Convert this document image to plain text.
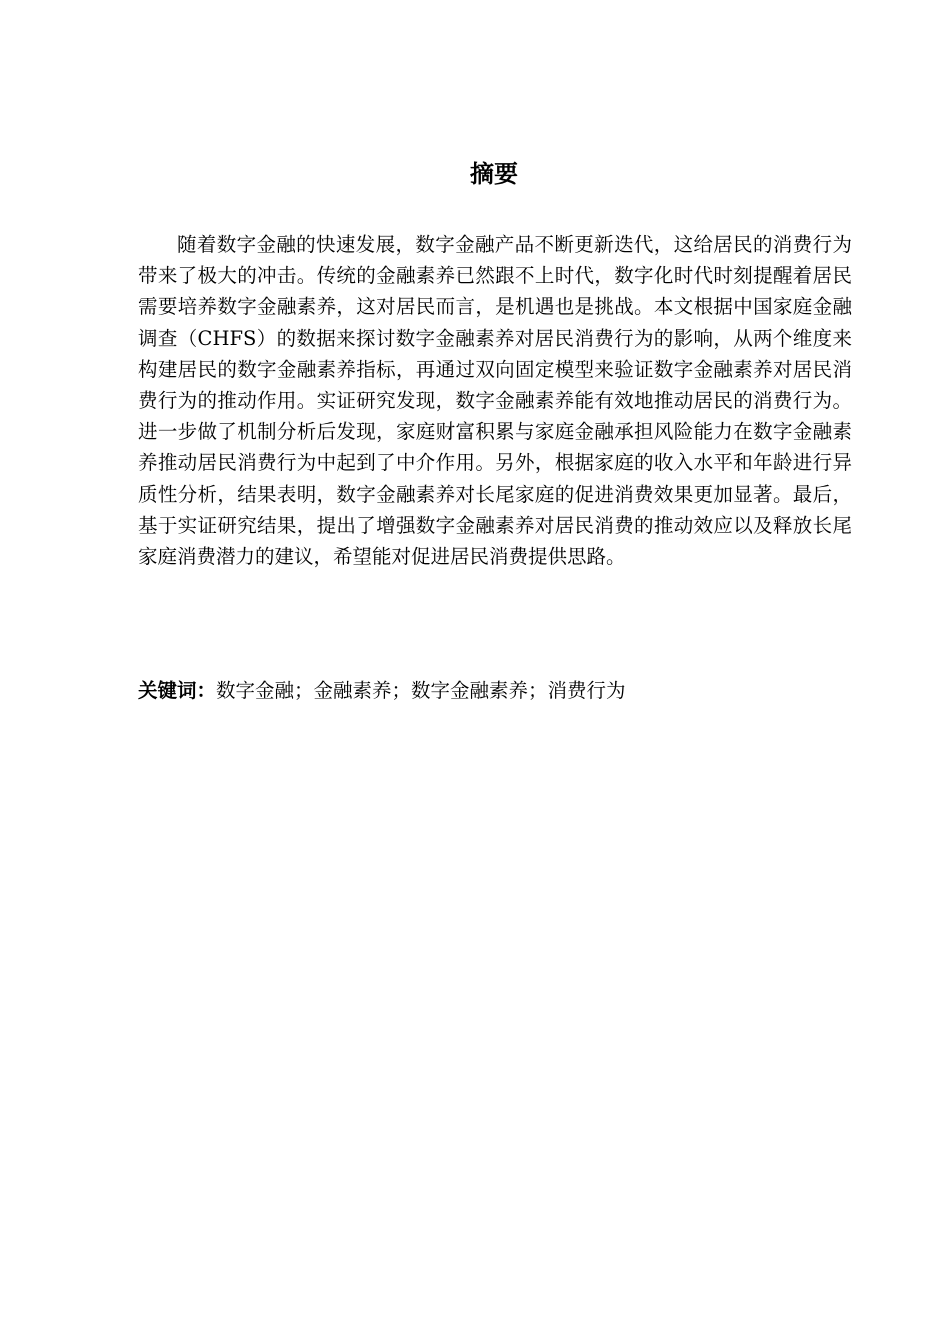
摘要

随着数字金融的快速发展，数字金融产品不断更新迭代，这给居民的消费行为带来了极大的冲击。传统的金融素养已然跟不上时代，数字化时代时刻提醒着居民需要培养数字金融素养，这对居民而言，是机遇也是挑战。本文根据中国家庭金融调查（CHFS）的数据来探讨数字金融素养对居民消费行为的影响，从两个维度来构建居民的数字金融素养指标，再通过双向固定模型来验证数字金融素养对居民消费行为的推动作用。实证研究发现，数字金融素养能有效地推动居民的消费行为。进一步做了机制分析后发现，家庭财富积累与家庭金融承担风险能力在数字金融素养推动居民消费行为中起到了中介作用。另外，根据家庭的收入水平和年龄进行异质性分析，结果表明，数字金融素养对长尾家庭的促进消费效果更加显著。最后，基于实证研究结果，提出了增强数字金融素养对居民消费的推动效应以及释放长尾家庭消费潜力的建议，希望能对促进居民消费提供思路。

关键词：数字金融；金融素养；数字金融素养；消费行为
